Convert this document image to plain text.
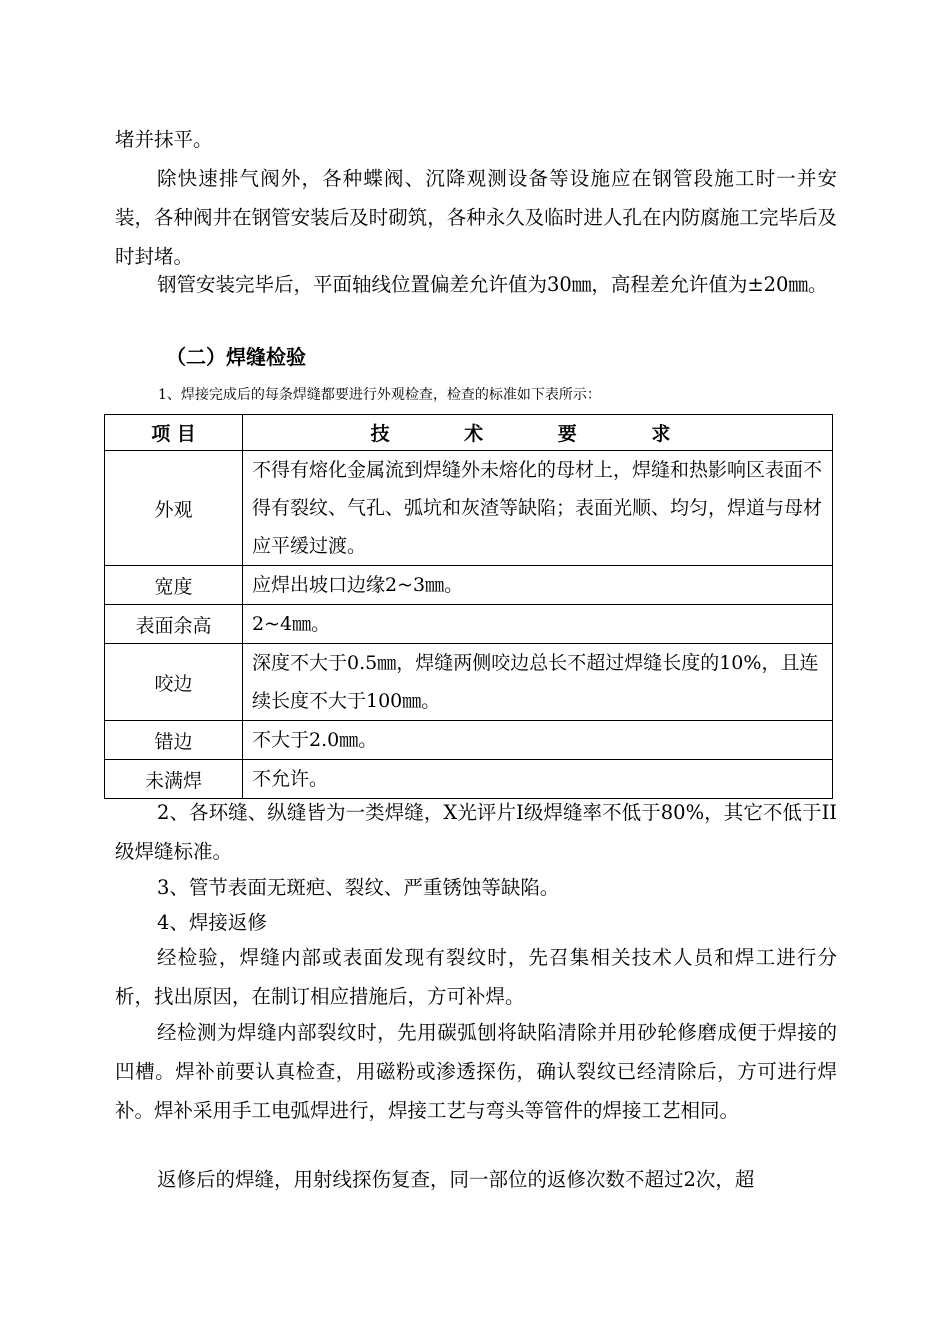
堵并抹平。

除快速排气阀外，各种蝶阀、沉降观测设备等设施应在钢管段施工时一并安装，各种阀井在钢管安装后及时砌筑，各种永久及临时进人孔在内防腐施工完毕后及时封堵。

钢管安装完毕后，平面轴线位置偏差允许值为30㎜，高程差允许值为±20㎜。

（二）焊缝检验
1、焊接完成后的每条焊缝都要进行外观检查，检查的标准如下表所示：
项 目	技 术 要 求
外观	不得有熔化金属流到焊缝外未熔化的母材上，焊缝和热影响区表面不得有裂纹、气孔、弧坑和灰渣等缺陷；表面光顺、均匀，焊道与母材应平缓过渡。
宽度	应焊出坡口边缘2~3㎜。
表面余高	2~4㎜。
咬边	深度不大于0.5㎜，焊缝两侧咬边总长不超过焊缝长度的10%，且连续长度不大于100㎜。
错边	不大于2.0㎜。
未满焊	不允许。

2、各环缝、纵缝皆为一类焊缝，X光评片Ⅰ级焊缝率不低于80%，其它不低于II级焊缝标准。

3、管节表面无斑疤、裂纹、严重锈蚀等缺陷。

4、焊接返修

经检验，焊缝内部或表面发现有裂纹时，先召集相关技术人员和焊工进行分析，找出原因，在制订相应措施后，方可补焊。

经检测为焊缝内部裂纹时，先用碳弧刨将缺陷清除并用砂轮修磨成便于焊接的凹槽。焊补前要认真检查，用磁粉或渗透探伤，确认裂纹已经清除后，方可进行焊补。焊补采用手工电弧焊进行，焊接工艺与弯头等管件的焊接工艺相同。

返修后的焊缝，用射线探伤复查，同一部位的返修次数不超过2次，超
